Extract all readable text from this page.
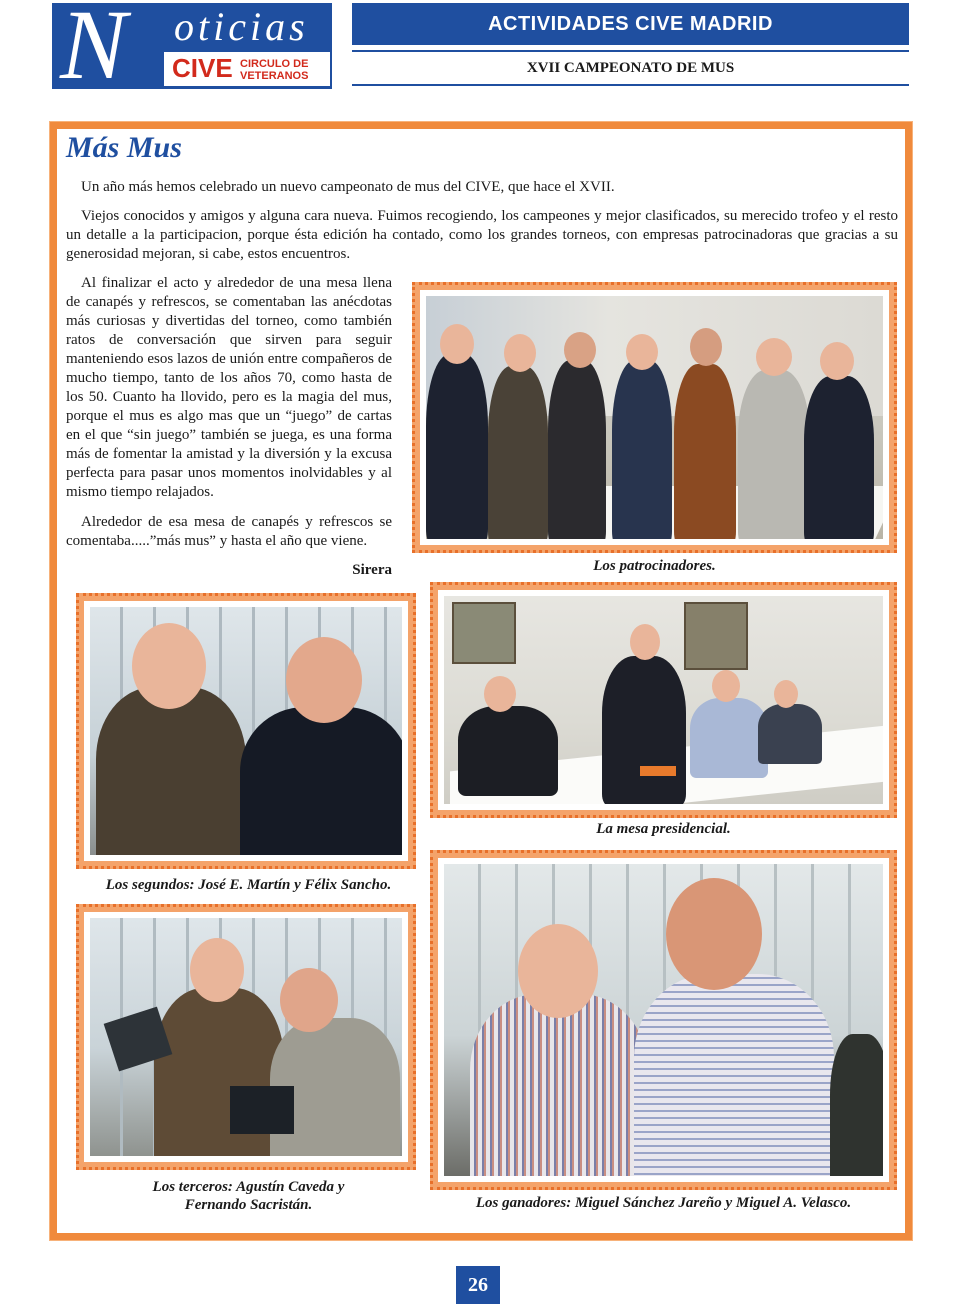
N oticias
CIVE CIRCULO DE
VETERANOS
ACTIVIDADES CIVE MADRID
XVII CAMPEONATO DE MUS
Más Mus

Un año más hemos celebrado un nuevo campeonato de mus del CIVE, que hace el XVII.

Viejos conocidos y amigos y alguna cara nueva. Fuimos recogiendo, los campeones y mejor clasificados, su merecido trofeo y el resto un detalle a la participacion, porque ésta edición ha contado, como los grandes torneos, con empresas patrocinadoras que gracias a su generosidad mejoran, si cabe, estos encuentros.

Al finalizar el acto y alrededor de una mesa llena de canapés y refrescos, se comentaban las anécdotas más curiosas y divertidas del torneo, como también ratos de conversación que sirven para seguir manteniendo esos lazos de unión entre compañeros de mucho tiempo, tanto de los años 70, como hasta de los 50. Cuanto ha llovido, pero es la magia del mus, porque el mus es algo mas que un “juego” de cartas en el que “sin juego” también se juega, es una forma más de fomentar la amistad y la diversión y la excusa perfecta para pasar unos momentos inolvidables y al mismo tiempo relajados.

Alrededor de esa mesa de canapés y refrescos se comentaba.....”más mus” y hasta el año que viene.

Sirera	Los patrocinadores.
Los segundos: José E. Martín y Félix Sancho.
La mesa presidencial.
Los terceros: Agustín Caveda y
Fernando Sacristán.	Los ganadores: Miguel Sánchez Jareño y Miguel A. Velasco.
26
